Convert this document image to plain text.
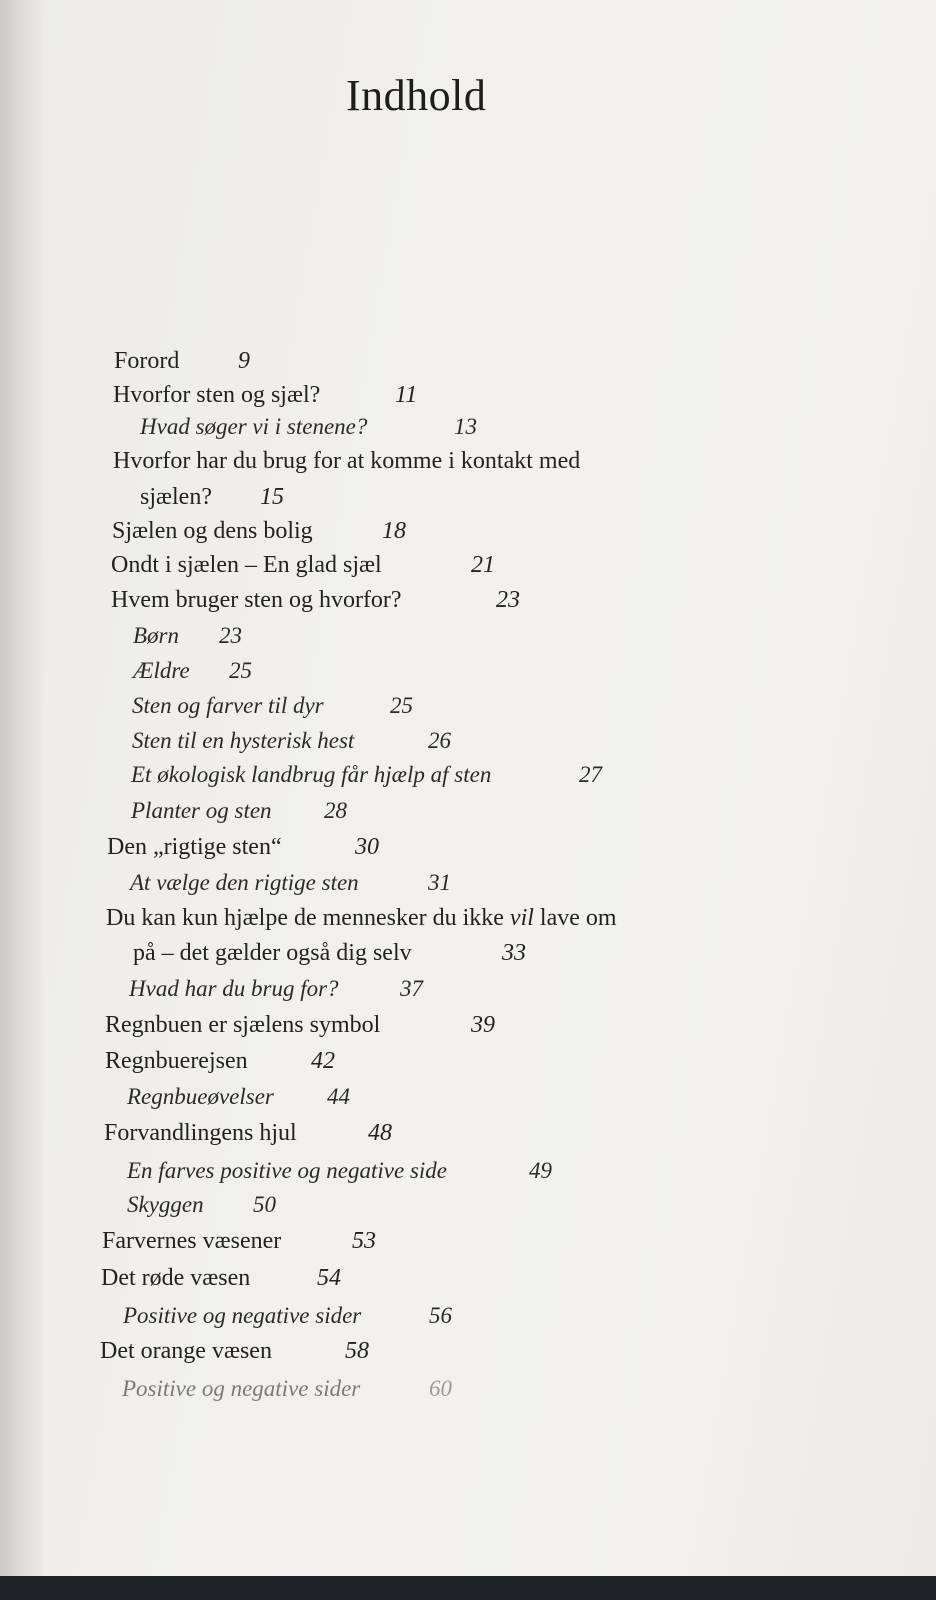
Indhold
Forord 9
Hvorfor sten og sjæl?	11
Hvad søger vi i stenene?	13
Hvorfor har du brug for at komme i kontakt med
sjælen? 15
Sjælen og dens bolig	18
Ondt i sjælen – En glad sjæl	21
Hvem bruger sten og hvorfor?	23
Børn 23
Ældre 25
Sten og farver til dyr	25
Sten til en hysterisk hest	26
Et økologisk landbrug får hjælp af sten	27
Planter og sten 28
Den „rigtige sten“	30
At vælge den rigtige sten	31
Du kan kun hjælpe de mennesker du ikke vil lave om
på – det gælder også dig selv	33
Hvad har du brug for?	37
Regnbuen er sjælens symbol	39
Regnbuerejsen	42
Regnbueøvelser 44
Forvandlingens hjul	48
En farves positive og negative side	49
Skyggen 50
Farvernes væsener	53
Det røde væsen	54
Positive og negative sider	56
Det orange væsen	58
Positive og negative sider	60
